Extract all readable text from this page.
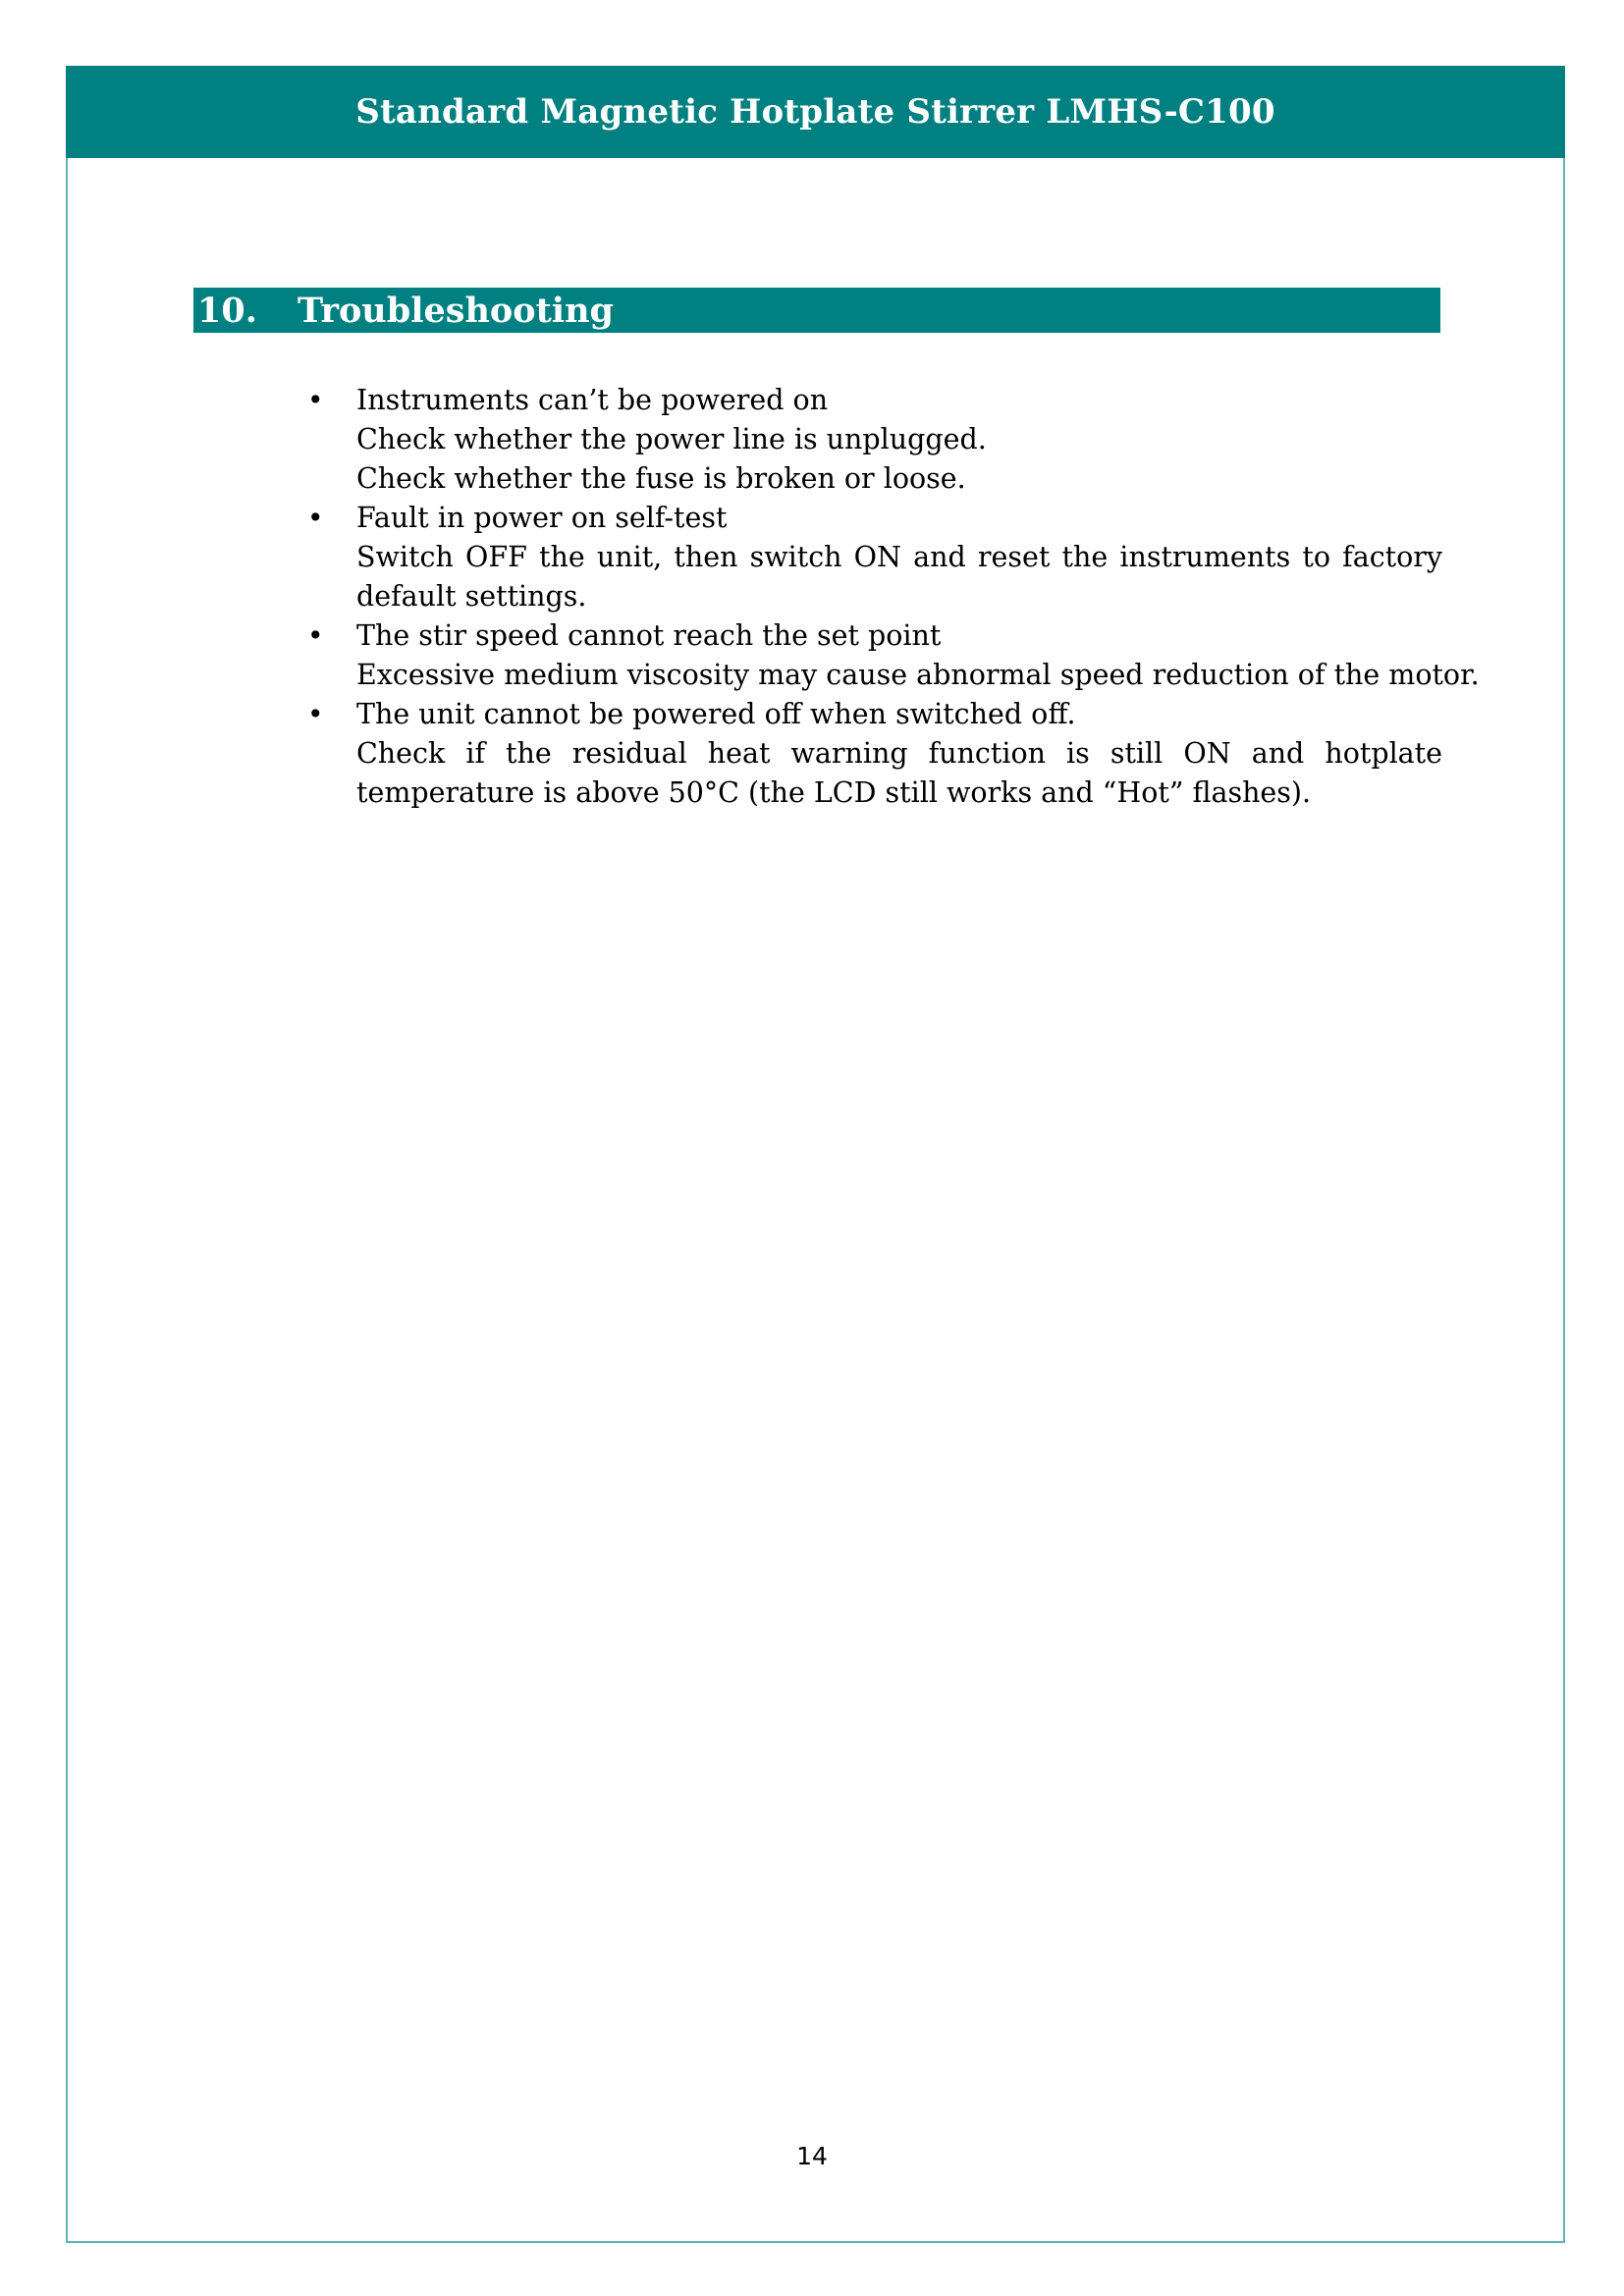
Standard Magnetic Hotplate Stirrer LMHS-C100
10.	Troubleshooting
• Instruments can’t be powered on
Check whether the power line is unplugged.
Check whether the fuse is broken or loose.
• Fault in power on self-test
Switch OFF the unit, then switch ON and reset the instruments to factory default settings.
• The stir speed cannot reach the set point
Excessive medium viscosity may cause abnormal speed reduction of the motor.
• The unit cannot be powered off when switched off.
Check if the residual heat warning function is still ON and hotplate temperature is above 50°C (the LCD still works and “Hot” flashes).
14
